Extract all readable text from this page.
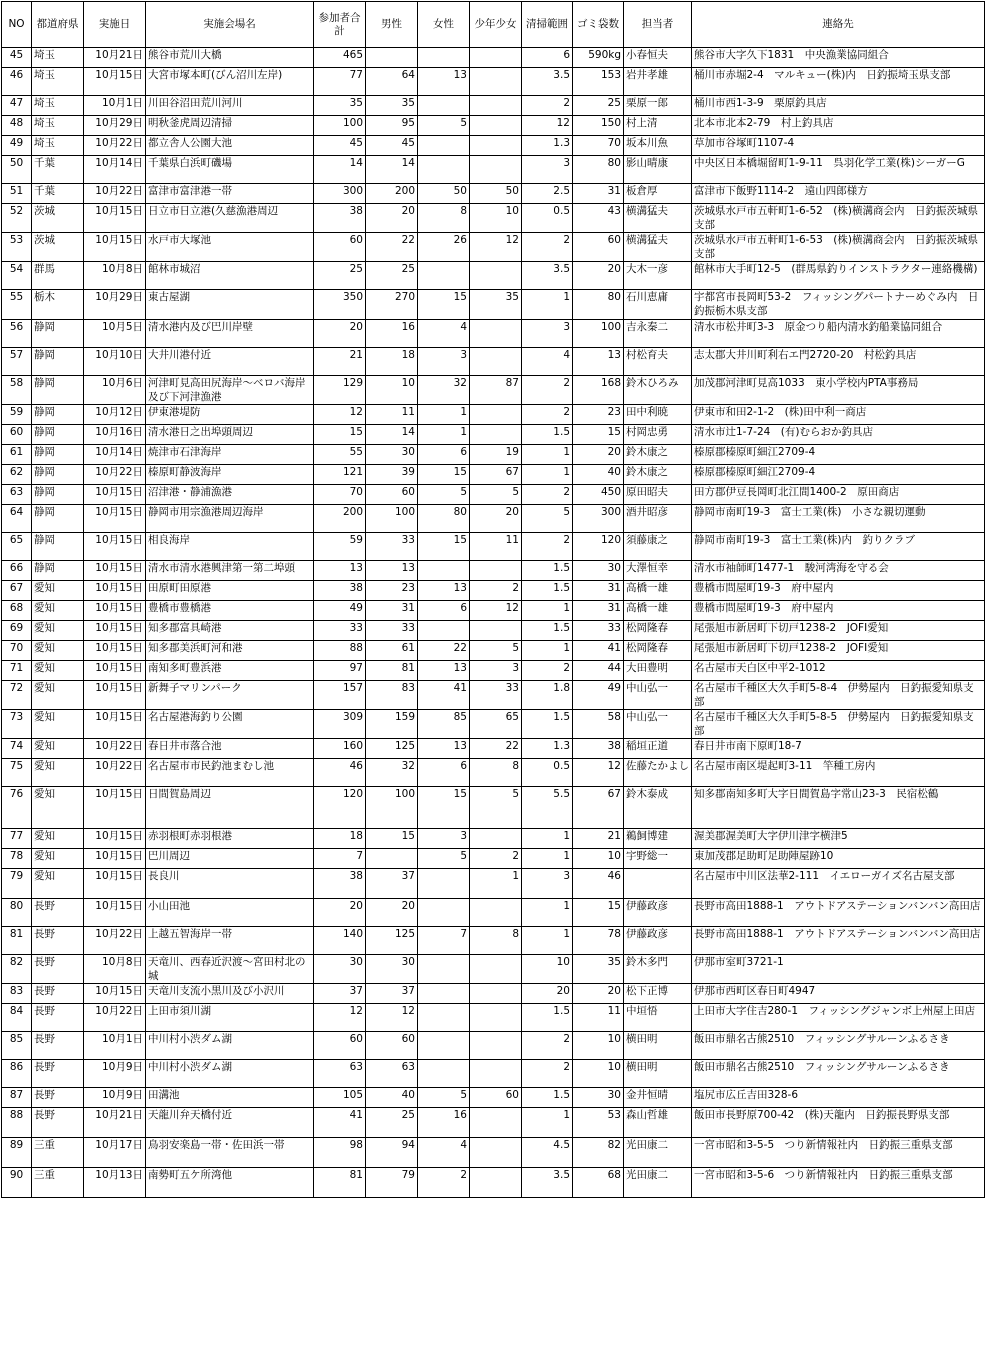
NO	都道府県	実施日	実施会場名	参加者合計	男性	女性	少年少女	清掃範囲	ゴミ袋数	担当者	連絡先
45	埼玉	10月21日	熊谷市荒川大橋	465				6	590kg	小春恒夫	熊谷市大字久下1831　中央漁業協同組合
46	埼玉	10月15日	大宮市塚本町(びん沼川左岸)	77	64	13		3.5	153	岩井孝雄	桶川市赤堀2-4　マルキュー(株)内　日釣振埼玉県支部
47	埼玉	10月1日	川田谷沼田荒川河川	35	35			2	25	栗原一郎	桶川市西1-3-9　栗原釣具店
48	埼玉	10月29日	明秋釜虎周辺清掃	100	95	5		12	150	村上清	北本市北本2-79　村上釣具店
49	埼玉	10月22日	都立舎人公園大池	45	45			1.3	70	坂本川魚	草加市谷塚町1107-4
50	千葉	10月14日	千葉県白浜町磯場	14	14			3	80	影山晴康	中央区日本橋堀留町1-9-11　呉羽化学工業(株)シーガーG
51	千葉	10月22日	富津市富津港一帯	300	200	50	50	2.5	31	板倉厚	富津市下飯野1114-2　遠山四郎様方
52	茨城	10月15日	日立市日立港(久慈漁港周辺	38	20	8	10	0.5	43	横溝猛夫	茨城県水戸市五軒町1-6-52　(株)横溝商会内　日釣振茨城県支部
53	茨城	10月15日	水戸市大塚池	60	22	26	12	2	60	横溝猛夫	茨城県水戸市五軒町1-6-53　(株)横溝商会内　日釣振茨城県支部
54	群馬	10月8日	館林市城沼	25	25			3.5	20	大木一彦	館林市大手町12-5　(群馬県釣りインストラクター連絡機構)
55	栃木	10月29日	東古屋湖	350	270	15	35	1	80	石川恵庸	宇都宮市長岡町53-2　フィッシングパートナーめぐみ内　日釣振栃木県支部
56	静岡	10月5日	清水港内及び巴川岸壁	20	16	4		3	100	吉永秦二	清水市松井町3-3　原金つり船内清水釣船業協同組合
57	静岡	10月10日	大井川港付近	21	18	3		4	13	村松育夫	志太郡大井川町利右エ門2720-20　村松釣具店
58	静岡	10月6日	河津町見高田尻海岸～ベロバ海岸及び下河津漁港	129	10	32	87	2	168	鈴木ひろみ	加茂郡河津町見高1033　東小学校内PTA事務局
59	静岡	10月12日	伊東港堤防	12	11	1		2	23	田中利暁	伊東市和田2-1-2　(株)田中利一商店
60	静岡	10月16日	清水港日之出埠頭周辺	15	14	1		1.5	15	村岡忠勇	清水市辻1-7-24　(有)むらおか釣具店
61	静岡	10月14日	焼津市石津海岸	55	30	6	19	1	20	鈴木康之	榛原郡榛原町細江2709-4
62	静岡	10月22日	榛原町静波海岸	121	39	15	67	1	40	鈴木康之	榛原郡榛原町細江2709-4
63	静岡	10月15日	沼津港・静浦漁港	70	60	5	5	2	450	原田昭夫	田方郡伊豆長岡町北江間1400-2　原田商店
64	静岡	10月15日	静岡市用宗漁港周辺海岸	200	100	80	20	5	300	酒井昭彦	静岡市南町19-3　富士工業(株)　小さな親切運動
65	静岡	10月15日	相良海岸	59	33	15	11	2	120	須藤康之	静岡市南町19-3　富士工業(株)内　釣りクラブ
66	静岡	10月15日	清水市清水港興津第一第二埠頭	13	13			1.5	30	大澤恒幸	清水市袖師町1477-1　駿河湾海を守る会
67	愛知	10月15日	田原町田原港	38	23	13	2	1.5	31	高橋一雄	豊橋市問屋町19-3　府中屋内
68	愛知	10月15日	豊橋市豊橋港	49	31	6	12	1	31	高橋一雄	豊橋市問屋町19-3　府中屋内
69	愛知	10月15日	知多郡富具崎港	33	33			1.5	33	松岡隆春	尾張旭市新居町下切戸1238-2　JOFI愛知
70	愛知	10月15日	知多郡美浜町河和港	88	61	22	5	1	41	松岡隆春	尾張旭市新居町下切戸1238-2　JOFI愛知
71	愛知	10月15日	南知多町豊浜港	97	81	13	3	2	44	大田豊明	名古屋市天白区中平2-1012
72	愛知	10月15日	新舞子マリンパーク	157	83	41	33	1.8	49	中山弘一	名古屋市千種区大久手町5-8-4　伊勢屋内　日釣振愛知県支部
73	愛知	10月15日	名古屋港海釣り公園	309	159	85	65	1.5	58	中山弘一	名古屋市千種区大久手町5-8-5　伊勢屋内　日釣振愛知県支部
74	愛知	10月22日	春日井市落合池	160	125	13	22	1.3	38	稲垣正道	春日井市南下原町18-7
75	愛知	10月22日	名古屋市市民釣池まむし池	46	32	6	8	0.5	12	佐藤たかよし	名古屋市南区堤起町3-11　竿種工房内
76	愛知	10月15日	日間賀島周辺	120	100	15	5	5.5	67	鈴木泰成	知多郡南知多町大字日間賀島字常山23-3　民宿松鶴
77	愛知	10月15日	赤羽根町赤羽根港	18	15	3		1	21	鵜飼博建	渥美郡渥美町大字伊川津字横津5
78	愛知	10月15日	巴川周辺	7		5	2	1	10	宇野総一	東加茂郡足助町足助陣屋跡10
79	愛知	10月15日	長良川	38	37		1	3	46		名古屋市中川区法華2-111　イエローガイズ名古屋支部
80	長野	10月15日	小山田池	20	20			1	15	伊藤政彦	長野市高田1888-1　アウトドアステーションバンバン高田店
81	長野	10月22日	上越五智海岸一帯	140	125	7	8	1	78	伊藤政彦	長野市高田1888-1　アウトドアステーションバンバン高田店
82	長野	10月8日	天竜川、西春近沢渡～宮田村北の城	30	30			10	35	鈴木多門	伊那市室町3721-1
83	長野	10月15日	天竜川支流小黒川及び小沢川	37	37			20	20	松下正博	伊那市西町区春日町4947
84	長野	10月22日	上田市須川湖	12	12			1.5	11	中垣悟	上田市大字住吉280-1　フィッシングジャンボ上州屋上田店
85	長野	10月1日	中川村小渋ダム湖	60	60			2	10	横田明	飯田市鼎名古熊2510　フィッシングサルーンふるさき
86	長野	10月9日	中川村小渋ダム湖	63	63			2	10	横田明	飯田市鼎名古熊2510　フィッシングサルーンふるさき
87	長野	10月9日	田溝池	105	40	5	60	1.5	30	金井恒晴	塩尻市広丘吉田328-6
88	長野	10月21日	天龍川弁天橋付近	41	25	16		1	53	森山哲雄	飯田市長野原700-42　(株)天龍内　日釣振長野県支部
89	三重	10月17日	鳥羽安楽島一帯・佐田浜一帯	98	94	4		4.5	82	光田康二	一宮市昭和3-5-5　つり新情報社内　日釣振三重県支部
90	三重	10月13日	南勢町五ケ所湾他	81	79	2		3.5	68	光田康二	一宮市昭和3-5-6　つり新情報社内　日釣振三重県支部
